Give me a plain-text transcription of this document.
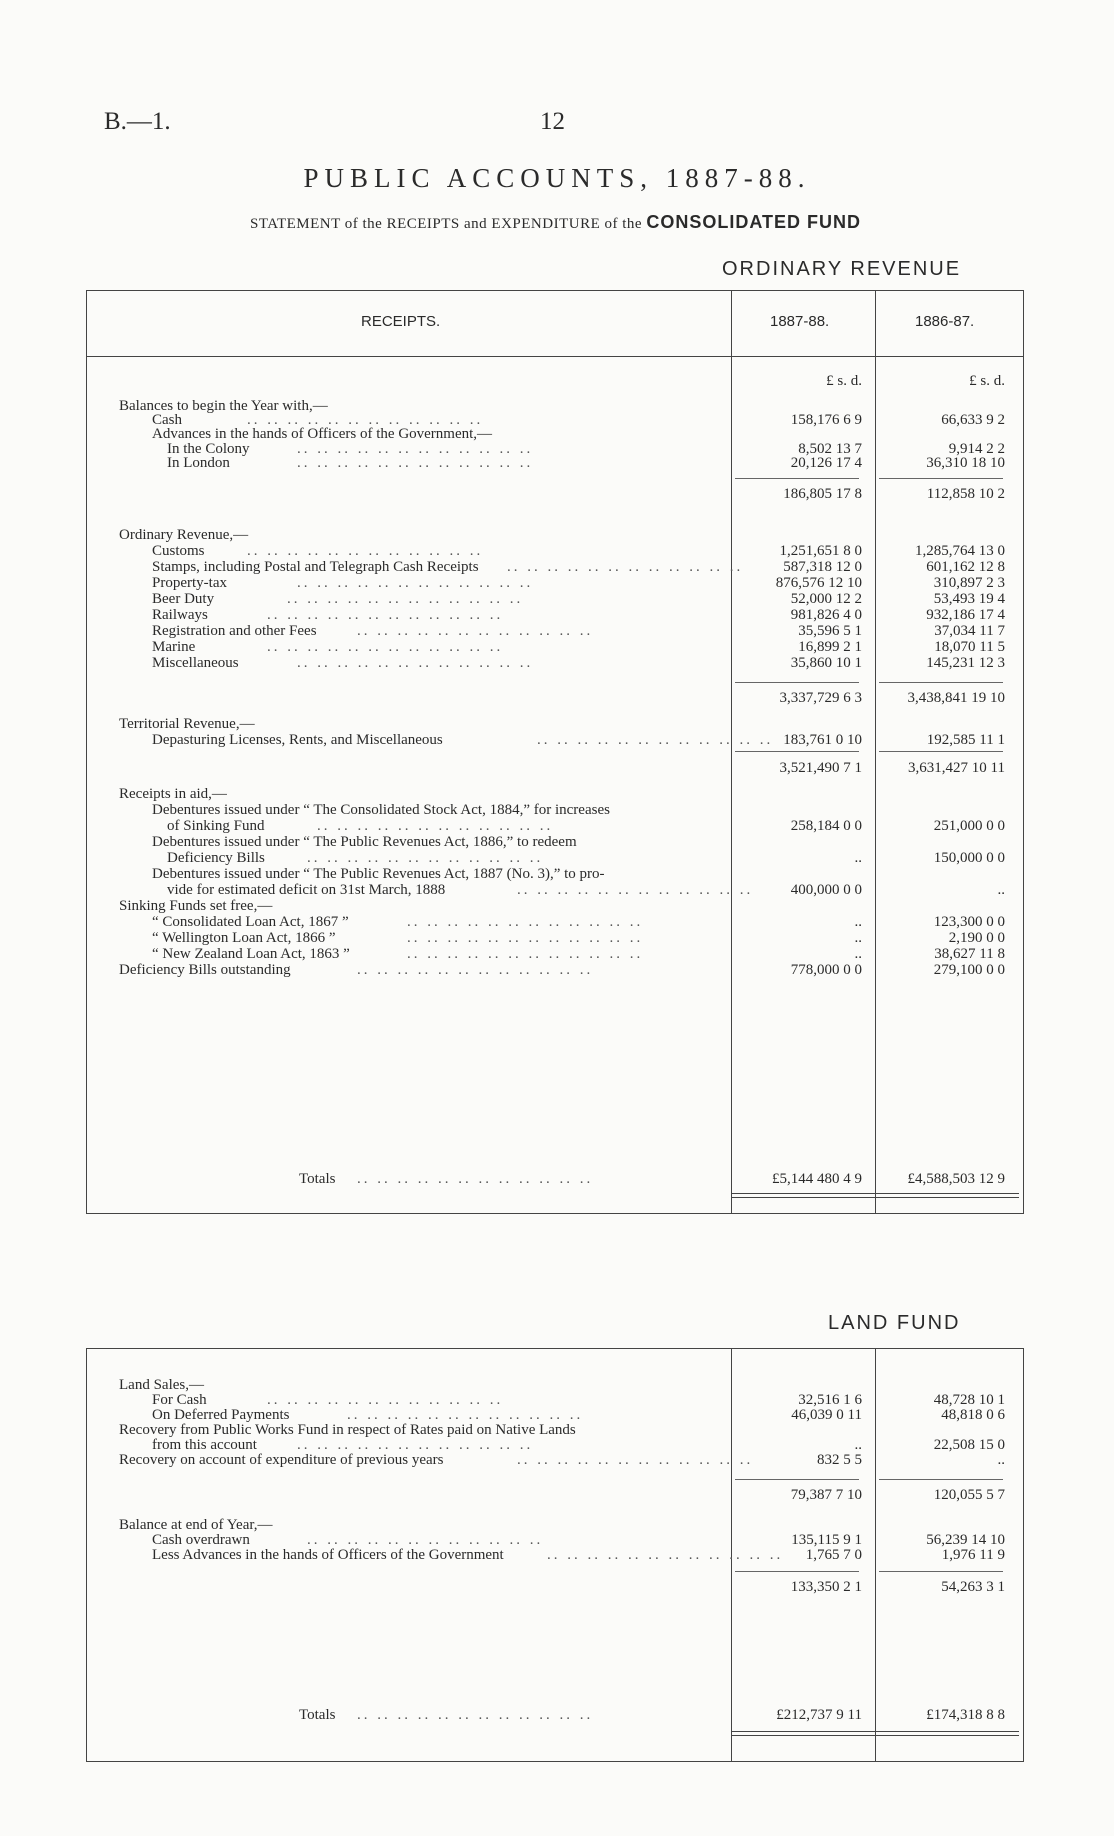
B.—1.	12
PUBLIC ACCOUNTS, 1887-88.
STATEMENT of the RECEIPTS and EXPENDITURE of the CONSOLIDATED FUND
ORDINARY REVENUE
RECEIPTS.	1887-88.	1886-87.
£ s. d.	£ s. d.
Balances to begin the Year with,—
.. .. .. .. .. .. .. .. .. .. .. ..
Cash	158,176 6 9	66,633 9 2
Advances in the hands of Officers of the Government,—
.. .. .. .. .. .. .. .. .. .. .. ..
In the Colony	8,502 13 7	9,914 2 2
.. .. .. .. .. .. .. .. .. .. .. ..
In London	20,126 17 4	36,310 18 10
186,805 17 8	112,858 10 2
Ordinary Revenue,—
.. .. .. .. .. .. .. .. .. .. .. ..
Customs	1,251,651 8 0	1,285,764 13 0
.. .. .. .. .. .. .. .. .. .. .. ..
Stamps, including Postal and Telegraph Cash Receipts	587,318 12 0	601,162 12 8
.. .. .. .. .. .. .. .. .. .. .. ..
Property-tax	876,576 12 10	310,897 2 3
.. .. .. .. .. .. .. .. .. .. .. ..
Beer Duty	52,000 12 2	53,493 19 4
.. .. .. .. .. .. .. .. .. .. .. ..
Railways	981,826 4 0	932,186 17 4
.. .. .. .. .. .. .. .. .. .. .. ..
Registration and other Fees	35,596 5 1	37,034 11 7
.. .. .. .. .. .. .. .. .. .. .. ..
Marine	16,899 2 1	18,070 11 5
.. .. .. .. .. .. .. .. .. .. .. ..
Miscellaneous	35,860 10 1	145,231 12 3
3,337,729 6 3	3,438,841 19 10
Territorial Revenue,—
.. .. .. .. .. .. .. .. .. .. .. ..
Depasturing Licenses, Rents, and Miscellaneous	183,761 0 10	192,585 11 1
3,521,490 7 1	3,631,427 10 11
Receipts in aid,—
Debentures issued under “ The Consolidated Stock Act, 1884,” for increases
.. .. .. .. .. .. .. .. .. .. .. ..
of Sinking Fund	258,184 0 0	251,000 0 0
Debentures issued under “ The Public Revenues Act, 1886,” to redeem
.. .. .. .. .. .. .. .. .. .. .. ..
Deficiency Bills	..	150,000 0 0
Debentures issued under “ The Public Revenues Act, 1887 (No. 3),” to pro-
.. .. .. .. .. .. .. .. .. .. .. ..
vide for estimated deficit on 31st March, 1888	400,000 0 0	..
Sinking Funds set free,—
.. .. .. .. .. .. .. .. .. .. .. ..
“ Consolidated Loan Act, 1867 ”	..	123,300 0 0
.. .. .. .. .. .. .. .. .. .. .. ..
“ Wellington Loan Act, 1866 ”	..	2,190 0 0
.. .. .. .. .. .. .. .. .. .. .. ..
“ New Zealand Loan Act, 1863 ”	..	38,627 11 8
.. .. .. .. .. .. .. .. .. .. .. ..
Deficiency Bills outstanding	778,000 0 0	279,100 0 0
.. .. .. .. .. .. .. .. .. .. .. ..
Totals	£5,144 480 4 9	£4,588,503 12 9
LAND FUND
Land Sales,—
.. .. .. .. .. .. .. .. .. .. .. ..
For Cash	32,516 1 6	48,728 10 1
.. .. .. .. .. .. .. .. .. .. .. ..
On Deferred Payments	46,039 0 11	48,818 0 6
Recovery from Public Works Fund in respect of Rates paid on Native Lands
.. .. .. .. .. .. .. .. .. .. .. ..
from this account	..	22,508 15 0
.. .. .. .. .. .. .. .. .. .. .. ..
Recovery on account of expenditure of previous years	832 5 5	..
79,387 7 10	120,055 5 7
Balance at end of Year,—
.. .. .. .. .. .. .. .. .. .. .. ..
Cash overdrawn	135,115 9 1	56,239 14 10
.. .. .. .. .. .. .. .. .. .. .. ..
Less Advances in the hands of Officers of the Government	1,765 7 0	1,976 11 9
133,350 2 1	54,263 3 1
.. .. .. .. .. .. .. .. .. .. .. ..
Totals	£212,737 9 11	£174,318 8 8
